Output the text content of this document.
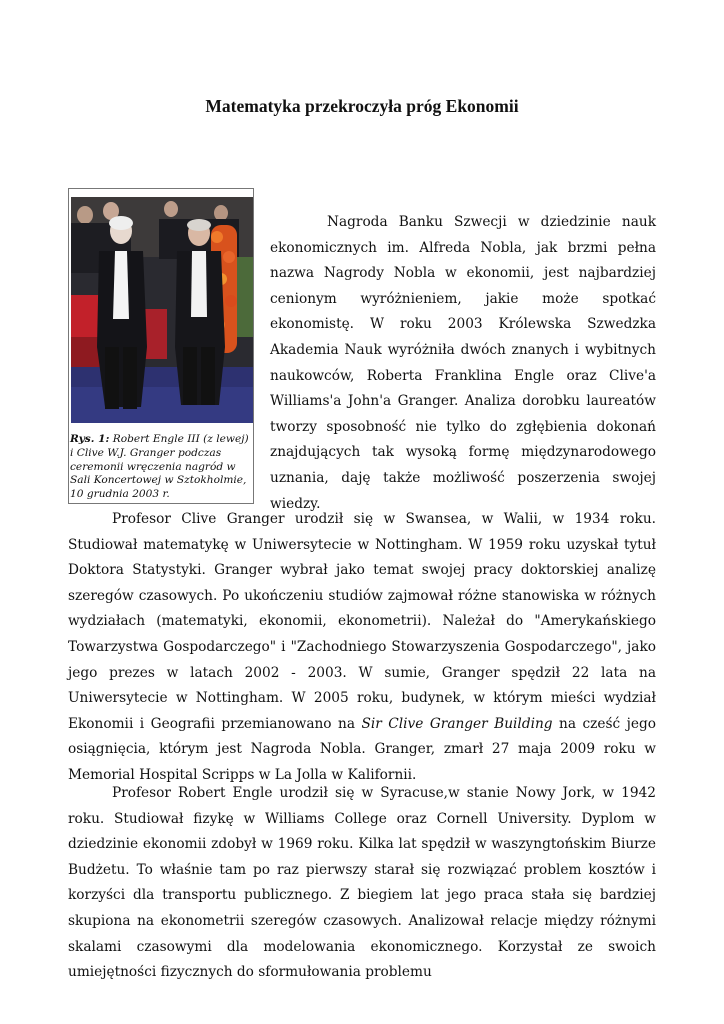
Matematyka przekroczyła próg Ekonomii
Rys. 1: Robert Engle III (z lewej) i Clive W.J. Granger podczas ceremonii wręczenia nagród w Sali Koncertowej w Sztokholmie, 10 grudnia 2003 r.
Nagroda Banku Szwecji w dziedzinie nauk ekonomicznych im. Alfreda Nobla, jak brzmi pełna nazwa Nagrody Nobla w ekonomii, jest najbardziej cenionym wyróżnieniem, jakie może spotkać ekonomistę. W roku 2003 Królewska Szwedzka Akademia Nauk wyróżniła dwóch znanych i wybitnych naukowców, Roberta Franklina Engle oraz Clive'a Williams'a John'a Granger. Analiza dorobku laureatów tworzy sposobność nie tylko do zgłębienia dokonań znajdujących tak wysoką formę międzynarodowego uznania, daję także możliwość poszerzenia swojej wiedzy.
Profesor Clive Granger urodził się w Swansea, w Walii, w 1934 roku. Studiował matematykę w Uniwersytecie w Nottingham. W 1959 roku uzyskał tytuł Doktora Statystyki. Granger wybrał jako temat swojej pracy doktorskiej analizę szeregów czasowych. Po ukończeniu studiów zajmował różne stanowiska w różnych wydziałach (matematyki, ekonomii, ekonometrii). Należał do "Amerykańskiego Towarzystwa Gospodarczego" i "Zachodniego Stowarzyszenia Gospodarczego", jako jego prezes w latach 2002 - 2003. W sumie, Granger spędził 22 lata na Uniwersytecie w Nottingham. W 2005 roku, budynek, w którym mieści wydział Ekonomii i Geografii przemianowano na Sir Clive Granger Building na cześć jego osiągnięcia, którym jest Nagroda Nobla. Granger, zmarł 27 maja 2009 roku w Memorial Hospital Scripps w La Jolla w Kalifornii.
Profesor Robert Engle urodził się w Syracuse,w stanie Nowy Jork, w 1942 roku. Studiował fizykę w Williams College oraz Cornell University. Dyplom w dziedzinie ekonomii zdobył w 1969 roku. Kilka lat spędził w waszyngtońskim Biurze Budżetu. To właśnie tam po raz pierwszy starał się rozwiązać problem kosztów i korzyści dla transportu publicznego. Z biegiem lat jego praca stała się bardziej skupiona na ekonometrii szeregów czasowych. Analizował relacje między różnymi skalami czasowymi dla modelowania ekonomicznego. Korzystał ze swoich umiejętności fizycznych do sformułowania problemu
